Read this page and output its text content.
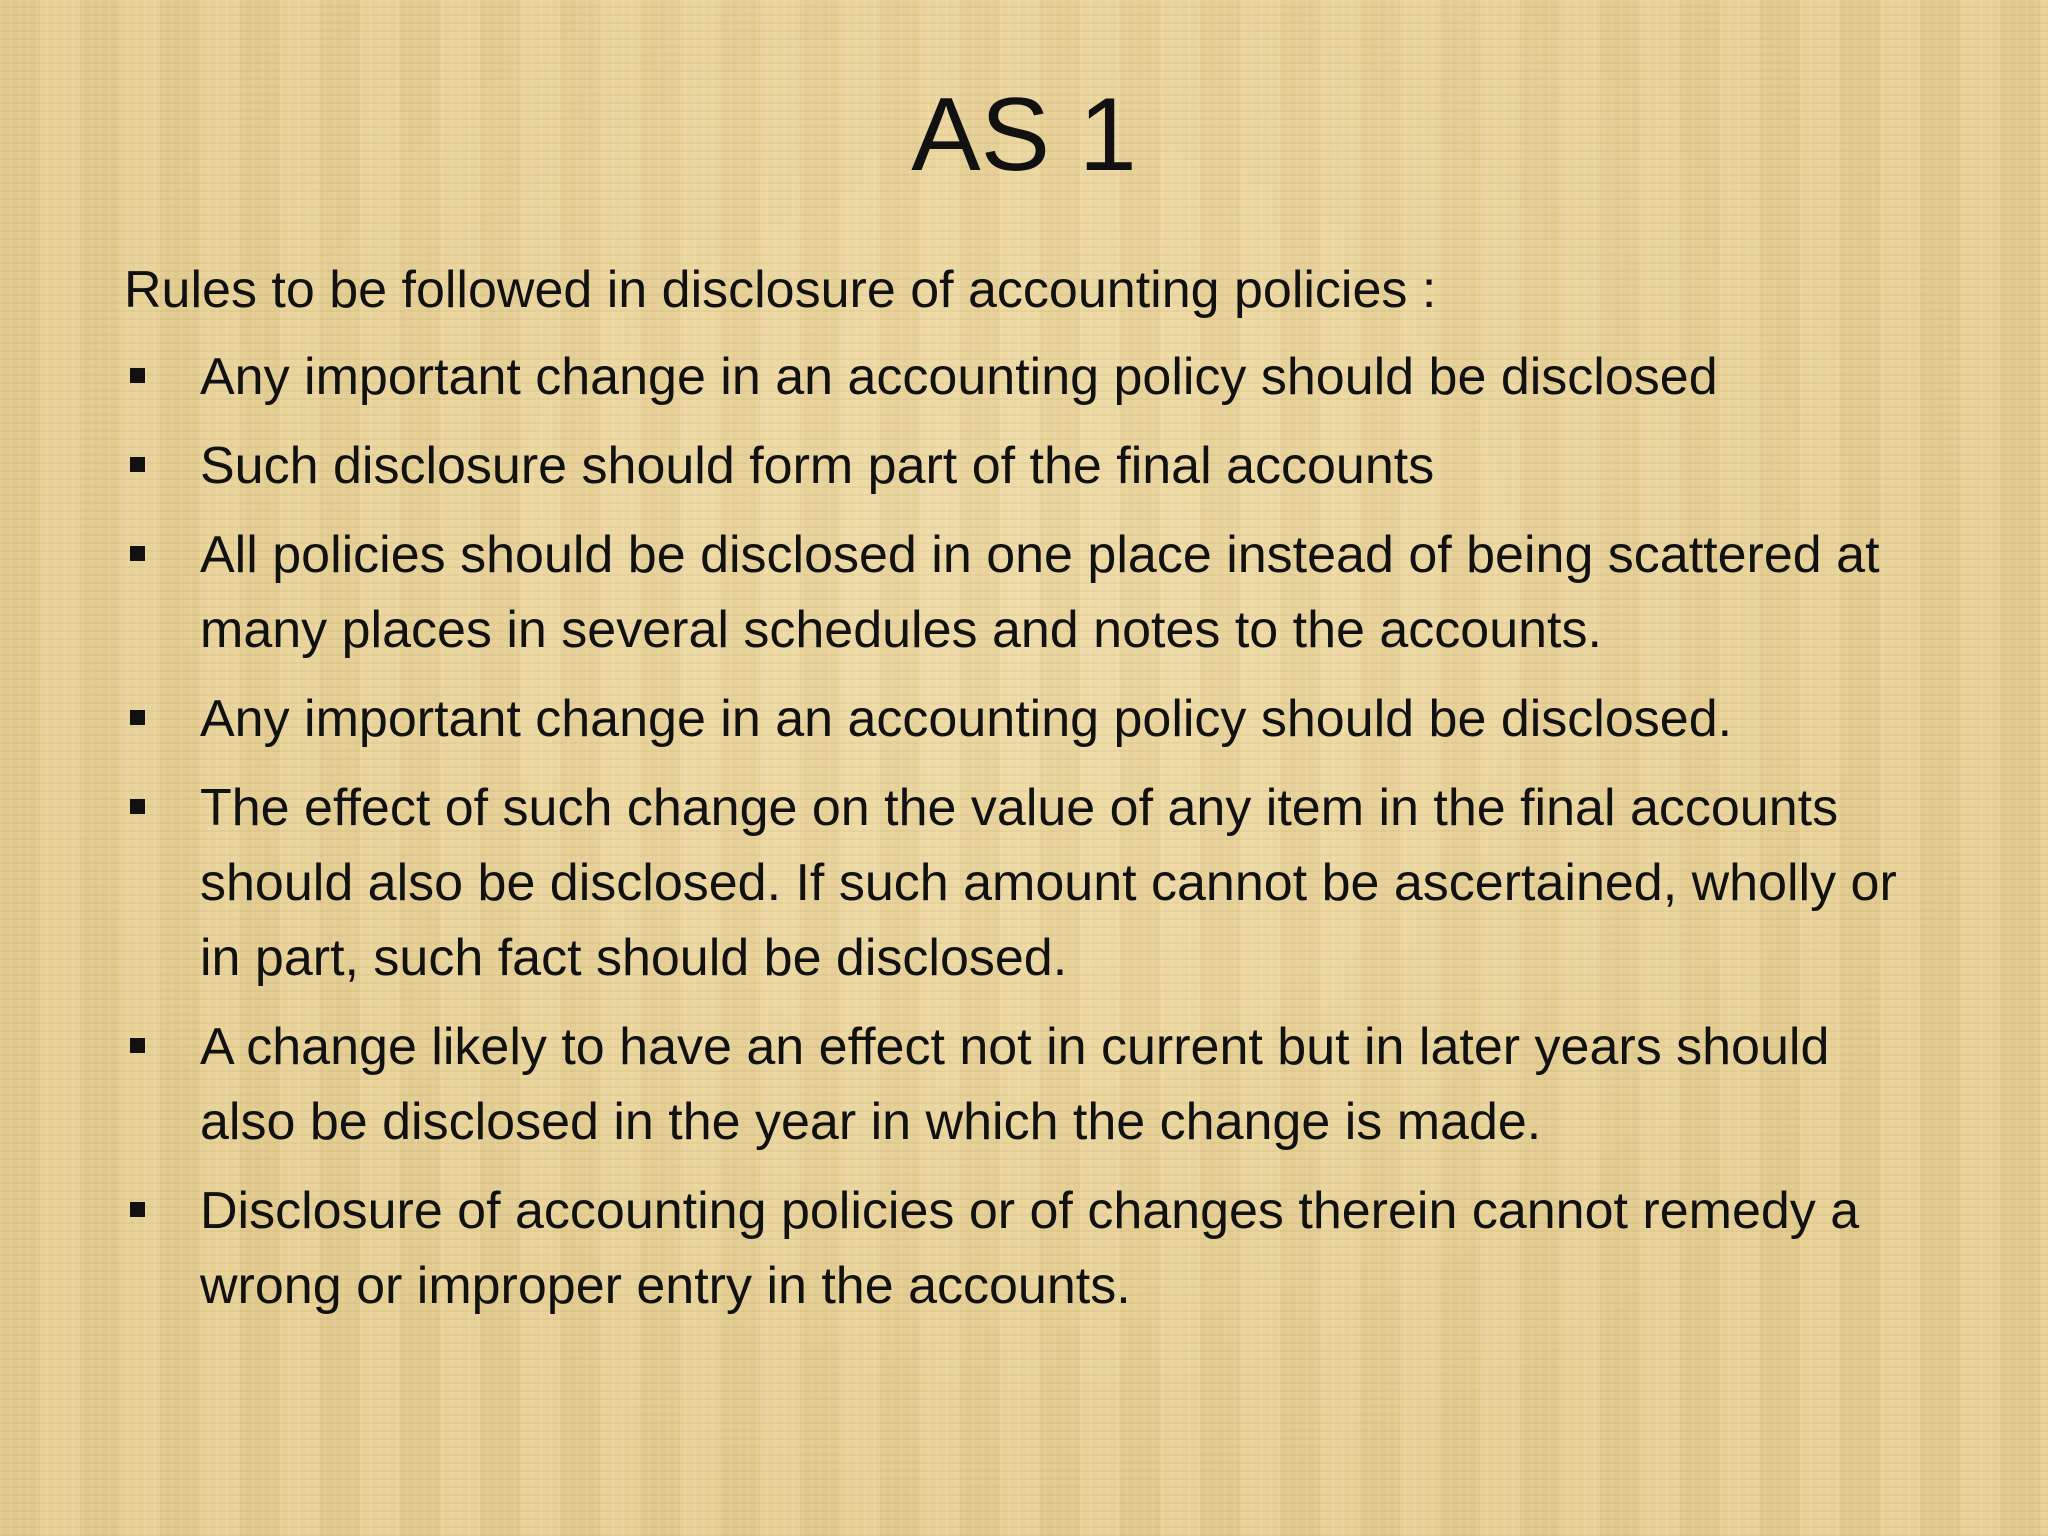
AS 1

Rules to be followed in disclosure of accounting policies :

Any important change in an accounting policy should be disclosed
Such disclosure should form part of the final accounts
All policies should be disclosed in one place instead of being scattered at many places in several schedules and notes to the accounts.
Any important change in an accounting policy should be disclosed.
The effect of such change on the value of any item in the final accounts should also be disclosed. If such amount cannot be ascertained, wholly or in part, such fact should be disclosed.
A change likely to have an effect not in current but in later years should also be disclosed in the year in which the change is made.
Disclosure of accounting policies or of changes therein cannot remedy a wrong or improper entry in the accounts.
